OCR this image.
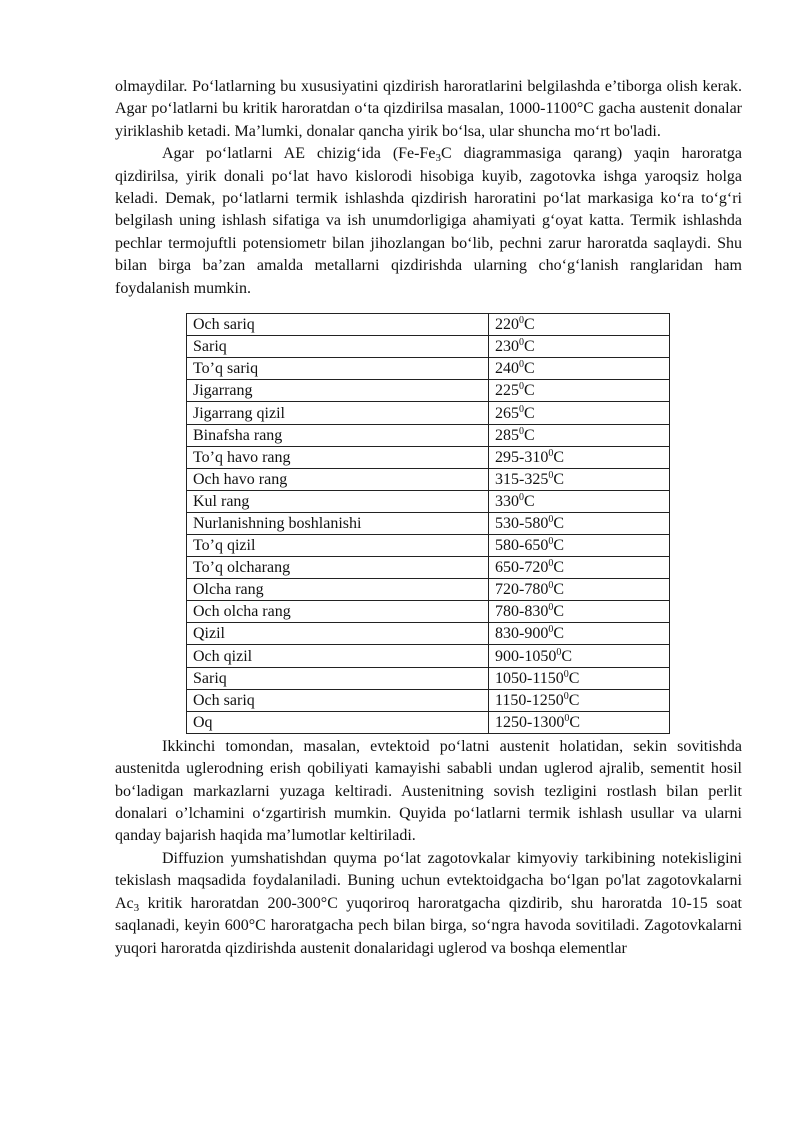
olmaydilar. Po‘latlarning bu xususiyatini qizdirish haroratlarini belgilashda e’tiborga olish kerak. Agar po‘latlarni bu kritik haroratdan o‘ta qizdirilsa masalan, 1000-1100°C gacha austenit donalar yiriklashib ketadi. Ma’lumki, donalar qancha yirik bo‘lsa, ular shuncha mo‘rt bo'ladi.

Agar po‘latlarni AE chizig‘ida ($Fe-Fe_3C$ diagrammasiga qarang) yaqin haroratga qizdirilsa, yirik donali po‘lat havo kislorodi hisobiga kuyib, zagotovka ishga yaroqsiz holga keladi. Demak, po‘latlarni termik ishlashda qizdirish haroratini po‘lat markasiga ko‘ra to‘g‘ri belgilash uning ishlash sifatiga va ish unumdorligiga ahamiyati g‘oyat katta. Termik ishlashda pechlar termojuftli potensiometr bilan jihozlangan bo‘lib, pechni zarur haroratda saqlaydi. Shu bilan birga ba’zan amalda metallarni qizdirishda ularning cho‘g‘lanish ranglaridan ham foydalanish mumkin.

Och sariq	$220^0C$
Sariq	$230^0C$
To’q sariq	$240^0C$
Jigarrang	$225^0C$
Jigarrang qizil	$265^0C$
Binafsha rang	$285^0C$
To’q havo rang	$295-310^0C$
Och havo rang	$315-325^0C$
Kul rang	$330^0C$
Nurlanishning boshlanishi	$530-580^0C$
To’q qizil	$580-650^0C$
To’q olcharang	$650-720^0C$
Olcha rang	$720-780^0C$
Och olcha rang	$780-830^0C$
Qizil	$830-900^0C$
Och qizil	900-1050$^0$C
Sariq	1050-1150$^0$C
Och sariq	1150-1250$^0$C
Oq	1250-1300$^0$C

Ikkinchi tomondan, masalan, evtektoid po‘latni austenit holatidan, sekin sovitishda austenitda uglerodning erish qobiliyati kamayishi sababli undan uglerod ajralib, sementit hosil bo‘ladigan markazlarni yuzaga keltiradi. Austenitning sovish tezligini rostlash bilan perlit donalari o’lchamini o‘zgartirish mumkin. Quyida po‘latlarni termik ishlash usullar va ularni qanday bajarish haqida ma’lumotlar keltiriladi.

Diffuzion yumshatishdan quyma po‘lat zagotovkalar kimyoviy tarkibining notekisligini tekislash maqsadida foydalaniladi. Buning uchun evtektoidgacha bo‘lgan po'lat zagotovkalarni $Ac_3$ kritik haroratdan 200-300°C yuqoriroq haroratgacha qizdirib, shu haroratda 10-15 soat saqlanadi, keyin 600°C haroratgacha pech bilan birga, so‘ngra havoda sovitiladi. Zagotovkalarni yuqori haroratda qizdirishda austenit donalaridagi uglerod va boshqa elementlar
